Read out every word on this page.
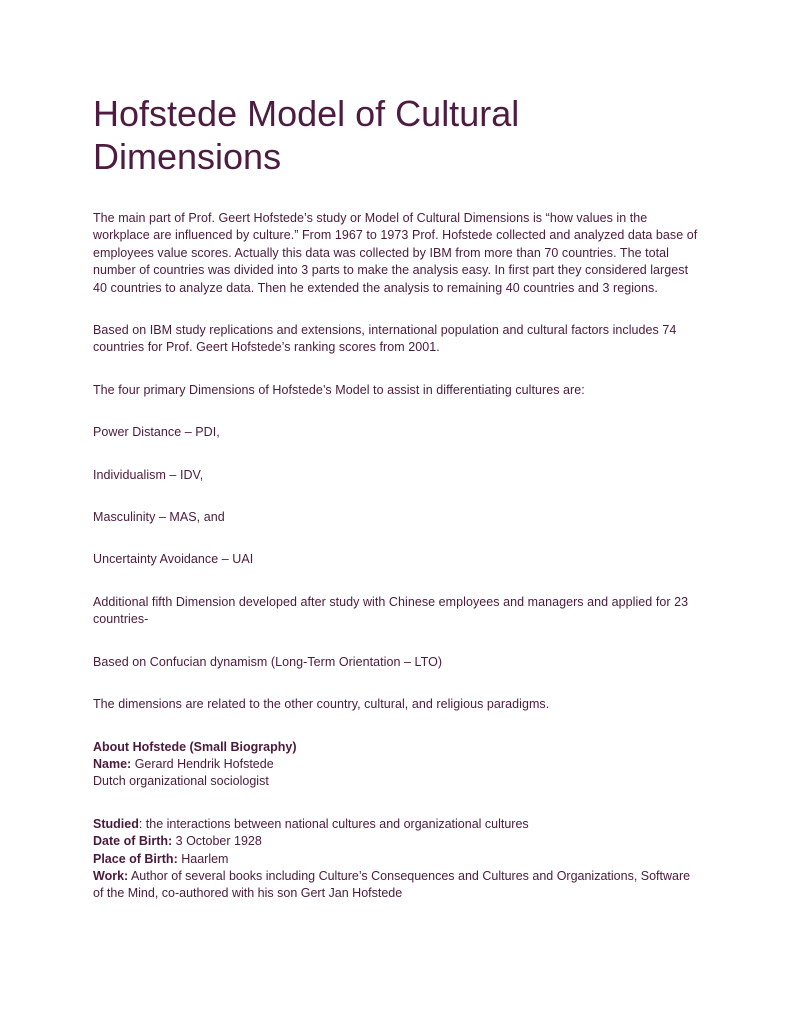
Hofstede Model of Cultural Dimensions

The main part of Prof. Geert Hofstede’s study or Model of Cultural Dimensions is “how values in the workplace are influenced by culture.” From 1967 to 1973 Prof. Hofstede collected and analyzed data base of employees value scores. Actually this data was collected by IBM from more than 70 countries. The total number of countries was divided into 3 parts to make the analysis easy. In first part they considered largest 40 countries to analyze data. Then he extended the analysis to remaining 40 countries and 3 regions.

Based on IBM study replications and extensions, international population and cultural factors includes 74 countries for Prof. Geert Hofstede’s ranking scores from 2001.

The four primary Dimensions of Hofstede’s Model to assist in differentiating cultures are:

Power Distance – PDI,

Individualism – IDV,

Masculinity – MAS, and

Uncertainty Avoidance – UAI

Additional fifth Dimension developed after study with Chinese employees and managers and applied for 23 countries-

Based on Confucian dynamism (Long-Term Orientation – LTO)

The dimensions are related to the other country, cultural, and religious paradigms.

About Hofstede (Small Biography)

Name: Gerard Hendrik Hofstede

Dutch organizational sociologist

Studied: the interactions between national cultures and organizational cultures

Date of Birth: 3 October 1928

Place of Birth: Haarlem

Work: Author of several books including Culture’s Consequences and Cultures and Organizations, Software of the Mind, co-authored with his son Gert Jan Hofstede
